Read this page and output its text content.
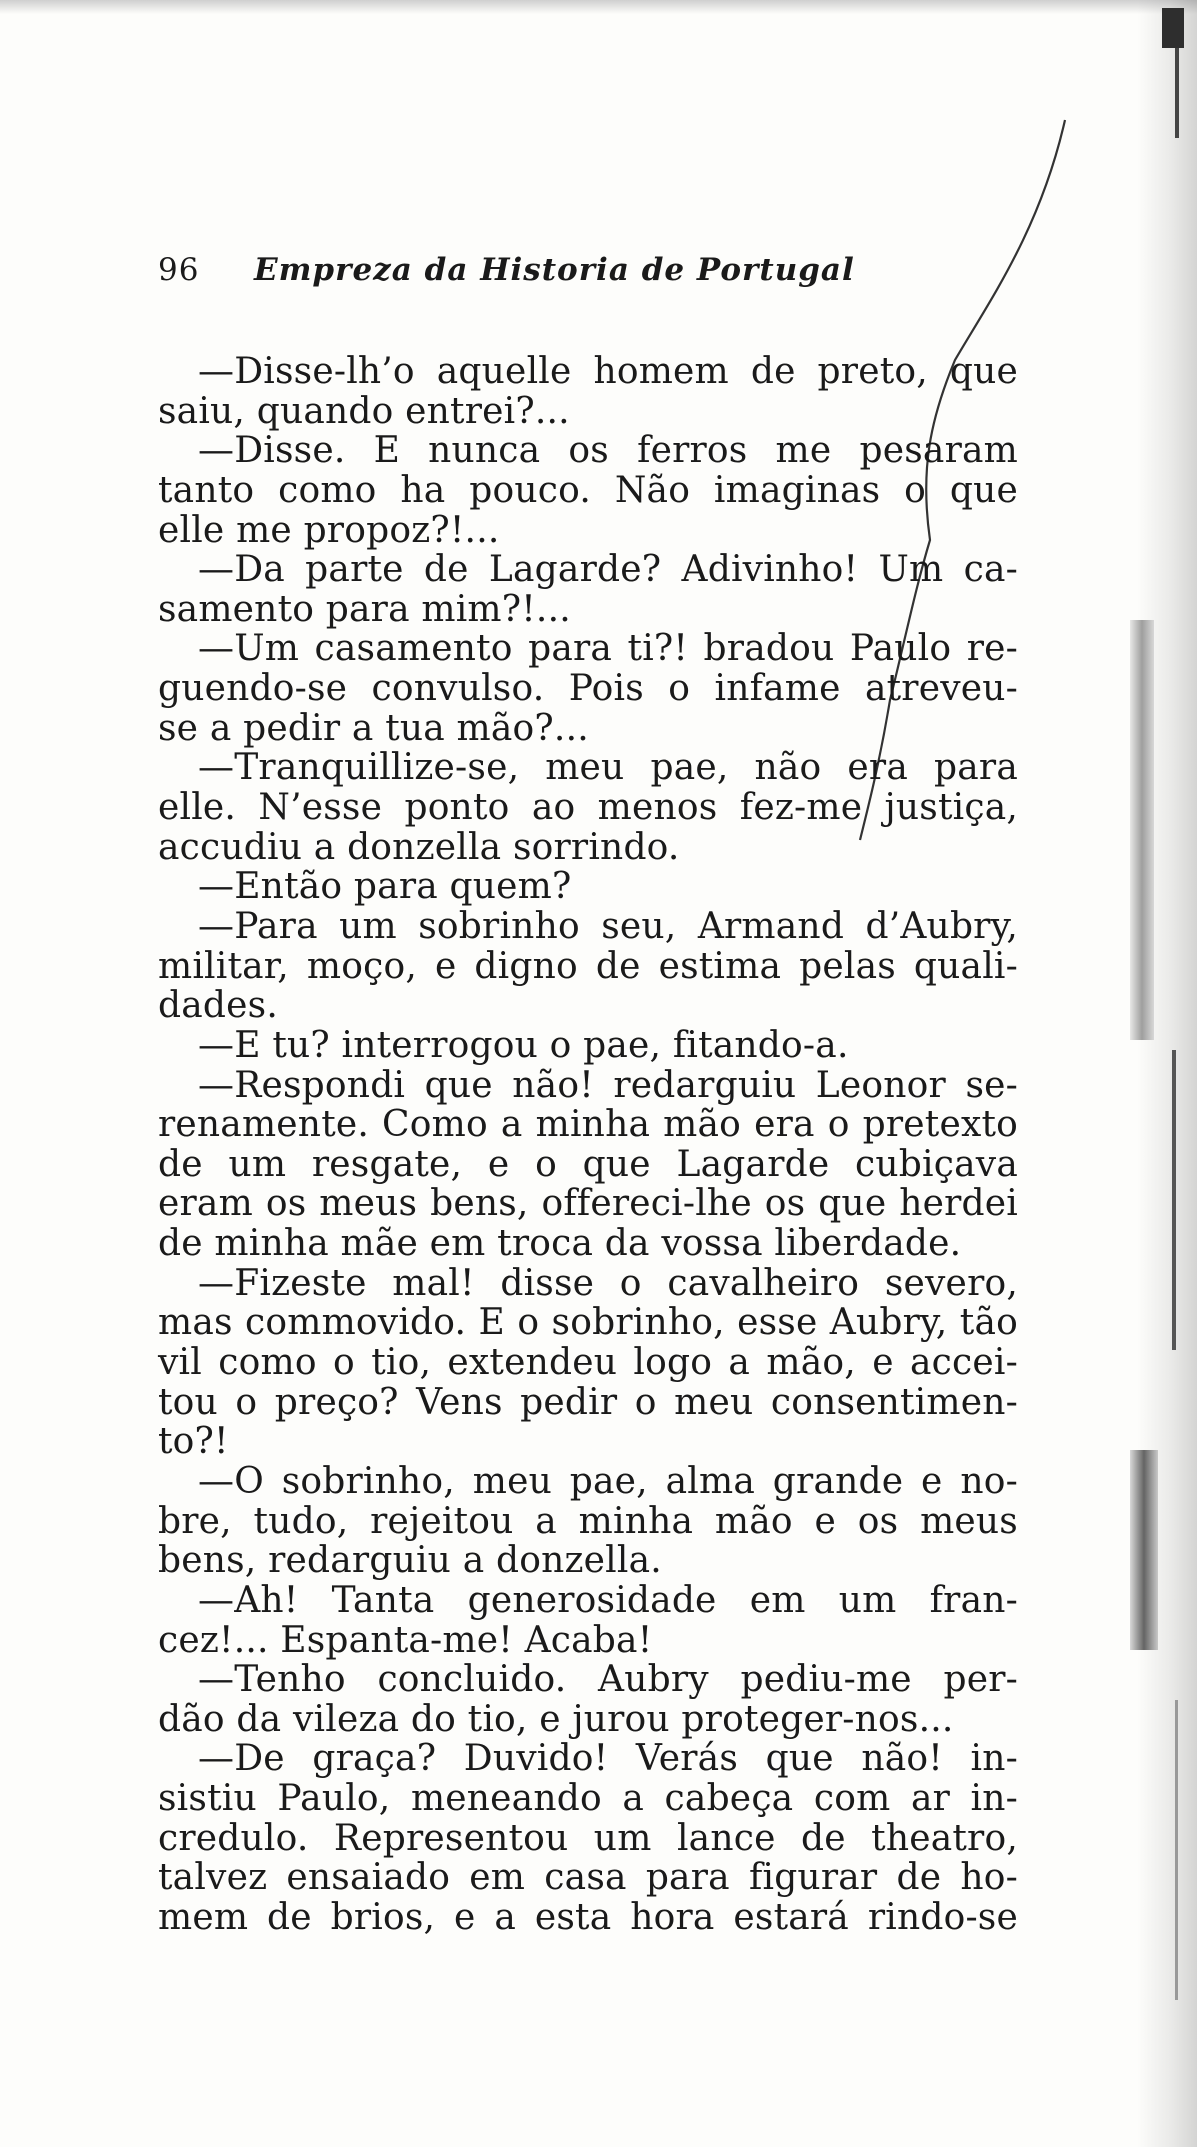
96 Empreza da Historia de Portugal
—Disse-lh’o aquelle homem de preto, que
saiu, quando entrei?...
—Disse. E nunca os ferros me pesaram
tanto como ha pouco. Não imaginas o que
elle me propoz?!...
—Da parte de Lagarde? Adivinho! Um ca-
samento para mim?!...
—Um casamento para ti?! bradou Paulo re-
guendo-se convulso. Pois o infame atreveu-
se a pedir a tua mão?...
—Tranquillize-se, meu pae, não era para
elle. N’esse ponto ao menos fez-me justiça,
accudiu a donzella sorrindo.
—Então para quem?
—Para um sobrinho seu, Armand d’Aubry,
militar, moço, e digno de estima pelas quali-
dades.
—E tu? interrogou o pae, fitando-a.
—Respondi que não! redarguiu Leonor se-
renamente. Como a minha mão era o pretexto
de um resgate, e o que Lagarde cubiçava
eram os meus bens, offereci-lhe os que herdei
de minha mãe em troca da vossa liberdade.
—Fizeste mal! disse o cavalheiro severo,
mas commovido. E o sobrinho, esse Aubry, tão
vil como o tio, extendeu logo a mão, e accei-
tou o preço? Vens pedir o meu consentimen-
to?!
—O sobrinho, meu pae, alma grande e no-
bre, tudo, rejeitou a minha mão e os meus
bens, redarguiu a donzella.
—Ah! Tanta generosidade em um fran-
cez!... Espanta-me! Acaba!
—Tenho concluido. Aubry pediu-me per-
dão da vileza do tio, e jurou proteger-nos...
—De graça? Duvido! Verás que não! in-
sistiu Paulo, meneando a cabeça com ar in-
credulo. Representou um lance de theatro,
talvez ensaiado em casa para figurar de ho-
mem de brios, e a esta hora estará rindo-se
